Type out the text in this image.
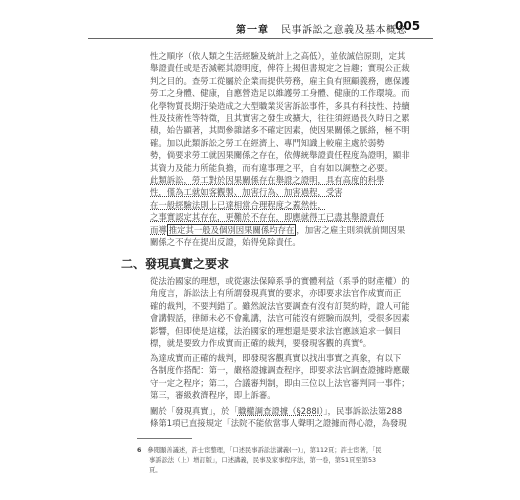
第一章 民事訴訟之意義及基本概念
005
性之順序（依人類之生活經驗及統計上之高低），並依誠信原則，定其
舉證責任或是否減輕其證明度，俾符上揭但書規定之旨趣；實現公正裁
判之目的。查勞工從屬於企業而提供勞務，雇主負有照顧義務，應保護
勞工之身體、健康，自應營造足以維護勞工身體、健康的工作環境。而
化學物質長期汙染造成之大型職業災害訴訟事件，多具有科技性、持續
性及技術性等特徵，且其實害之發生或擴大，往往須經過長久時日之累
積，始告顯著，其間參雜諸多不確定因素，使因果關係之脈絡，極不明
確。加以此類訴訟之勞工在經濟上、專門知識上較雇主處於弱勢
勢，倘要求勞工就因果關係之存在，依傳統舉證責任程度為證明，顯非
其資力及能力所能負擔，而有違事理之平，自有如以調整之必要。
此類訴訟，勞工對於因果關係存在舉證之證明，具有高度的科學
性，僅為工就如客觀製、加害行為、加害過程，受害
在一般經驗法則上已達相當合理程度之蓋然性，
之事實認定其存在，更難於不存在，即應就得工已盡其舉證責任
而導 推定其一般及個別因果關係均存在 ，加害之雇主則須就前開因果
關係之不存在提出反證，始得免除責任。
二、發現真實之要求
從法治國家的理想，或從憲法保障系爭的實體利益（系爭的財產權）的
角度言，訴訟法上有所謂發現真實的要求，亦即要求法官作成實而正
確的裁判，不要判錯了。雖然說法官要調查有沒有訂契約時，證人可能
會講假話，律師未必不會亂講，法官可能沒有經驗而誤判，受很多因素
影響，但即使是這樣，法治國家的理想還是要求法官應該追求一個目
標，就是要致力作成實而正確的裁判，要發現客觀的真實⁶。
為達成實而正確的裁判，即發現客觀真實以找出事實之真象，有以下
各制度作搭配：第一，嚴格證據調查程序，即要求法官調查證據時應嚴
守一定之程序；第二，合議審判制，即由三位以上法官審判同一事件；
第三，審級救濟程序，即上訴審。
關於「發現真實」，於「職權調查證據（§288Ⅰ）」，民事訴訟法第288
條第1項已直接規定「法院不能依當事人聲明之證據而得心證，為發現
6 參閱顯善議述，許士宦整理，「口述民事訴訟法講義(一)」，第112頁；許士宦著，「民
事訴訟法（上）增訂版」，口述講義，民事及家事程序法，第一卷，第51頁至第53
頁。
